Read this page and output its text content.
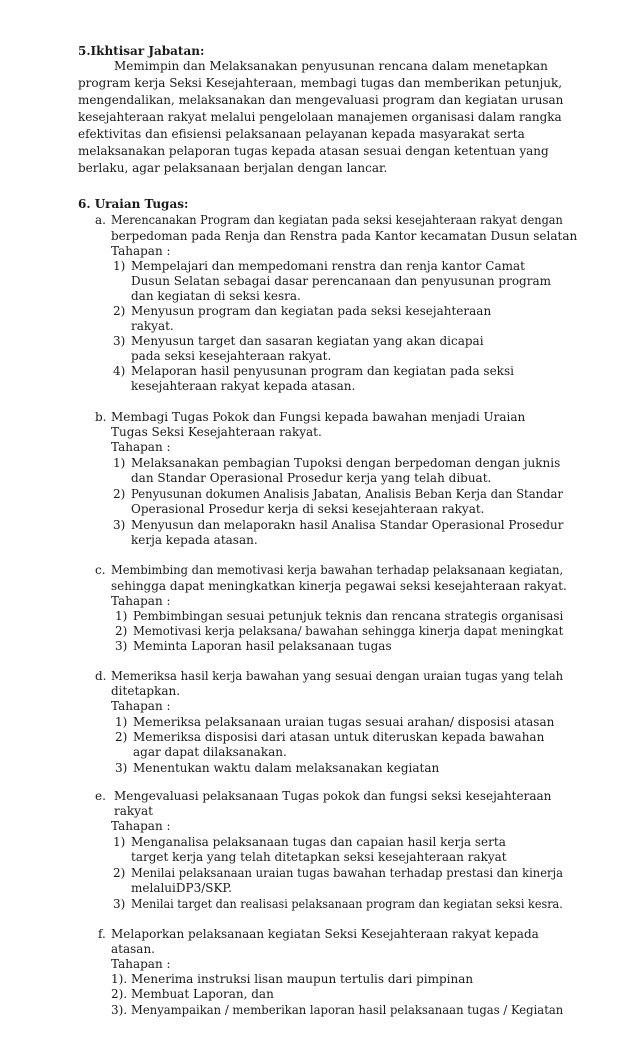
5.Ikhtisar Jabatan:
Memimpin dan Melaksanakan penyusunan rencana dalam menetapkan
program kerja Seksi Kesejahteraan, membagi tugas dan memberikan petunjuk,
mengendalikan, melaksanakan dan mengevaluasi program dan kegiatan urusan
kesejahteraan rakyat melalui pengelolaan manajemen organisasi dalam rangka
efektivitas dan efisiensi pelaksanaan pelayanan kepada masyarakat serta
melaksanakan pelaporan tugas kepada atasan sesuai dengan ketentuan yang
berlaku, agar pelaksanaan berjalan dengan lancar.
6. Uraian Tugas:
a. Merencanakan Program dan kegiatan pada seksi kesejahteraan rakyat dengan
berpedoman pada Renja dan Renstra pada Kantor kecamatan Dusun selatan
Tahapan :
1) Mempelajari dan mempedomani renstra dan renja kantor Camat
Dusun Selatan sebagai dasar perencanaan dan penyusunan program
dan kegiatan di seksi kesra.
2) Menyusun program dan kegiatan pada seksi kesejahteraan
rakyat.
3) Menyusun target dan sasaran kegiatan yang akan dicapai
pada seksi kesejahteraan rakyat.
4) Melaporan hasil penyusunan program dan kegiatan pada seksi
kesejahteraan rakyat kepada atasan.
b. Membagi Tugas Pokok dan Fungsi kepada bawahan menjadi Uraian
Tugas Seksi Kesejahteraan rakyat.
Tahapan :
1) Melaksanakan pembagian Tupoksi dengan berpedoman dengan juknis
dan Standar Operasional Prosedur kerja yang telah dibuat.
2) Penyusunan dokumen Analisis Jabatan, Analisis Beban Kerja dan Standar
Operasional Prosedur kerja di seksi kesejahteraan rakyat.
3) Menyusun dan melaporakn hasil Analisa Standar Operasional Prosedur
kerja kepada atasan.
c. Membimbing dan memotivasi kerja bawahan terhadap pelaksanaan kegiatan,
sehingga dapat meningkatkan kinerja pegawai seksi kesejahteraan rakyat.
Tahapan :
1) Pembimbingan sesuai petunjuk teknis dan rencana strategis organisasi
2) Memotivasi kerja pelaksana/ bawahan sehingga kinerja dapat meningkat
3) Meminta Laporan hasil pelaksanaan tugas
d. Memeriksa hasil kerja bawahan yang sesuai dengan uraian tugas yang telah
ditetapkan.
Tahapan :
1) Memeriksa pelaksanaan uraian tugas sesuai arahan/ disposisi atasan
2) Memeriksa disposisi dari atasan untuk diteruskan kepada bawahan
agar dapat dilaksanakan.
3) Menentukan waktu dalam melaksanakan kegiatan
e. Mengevaluasi pelaksanaan Tugas pokok dan fungsi seksi kesejahteraan
rakyat
Tahapan :
1) Menganalisa pelaksanaan tugas dan capaian hasil kerja serta
target kerja yang telah ditetapkan seksi kesejahteraan rakyat
2) Menilai pelaksanaan uraian tugas bawahan terhadap prestasi dan kinerja
melaluiDP3/SKP.
3) Menilai target dan realisasi pelaksanaan program dan kegiatan seksi kesra.
f. Melaporkan pelaksanaan kegiatan Seksi Kesejahteraan rakyat kepada
atasan.
Tahapan :
1). Menerima instruksi lisan maupun tertulis dari pimpinan
2). Membuat Laporan, dan
3). Menyampaikan / memberikan laporan hasil pelaksanaan tugas / Kegiatan
